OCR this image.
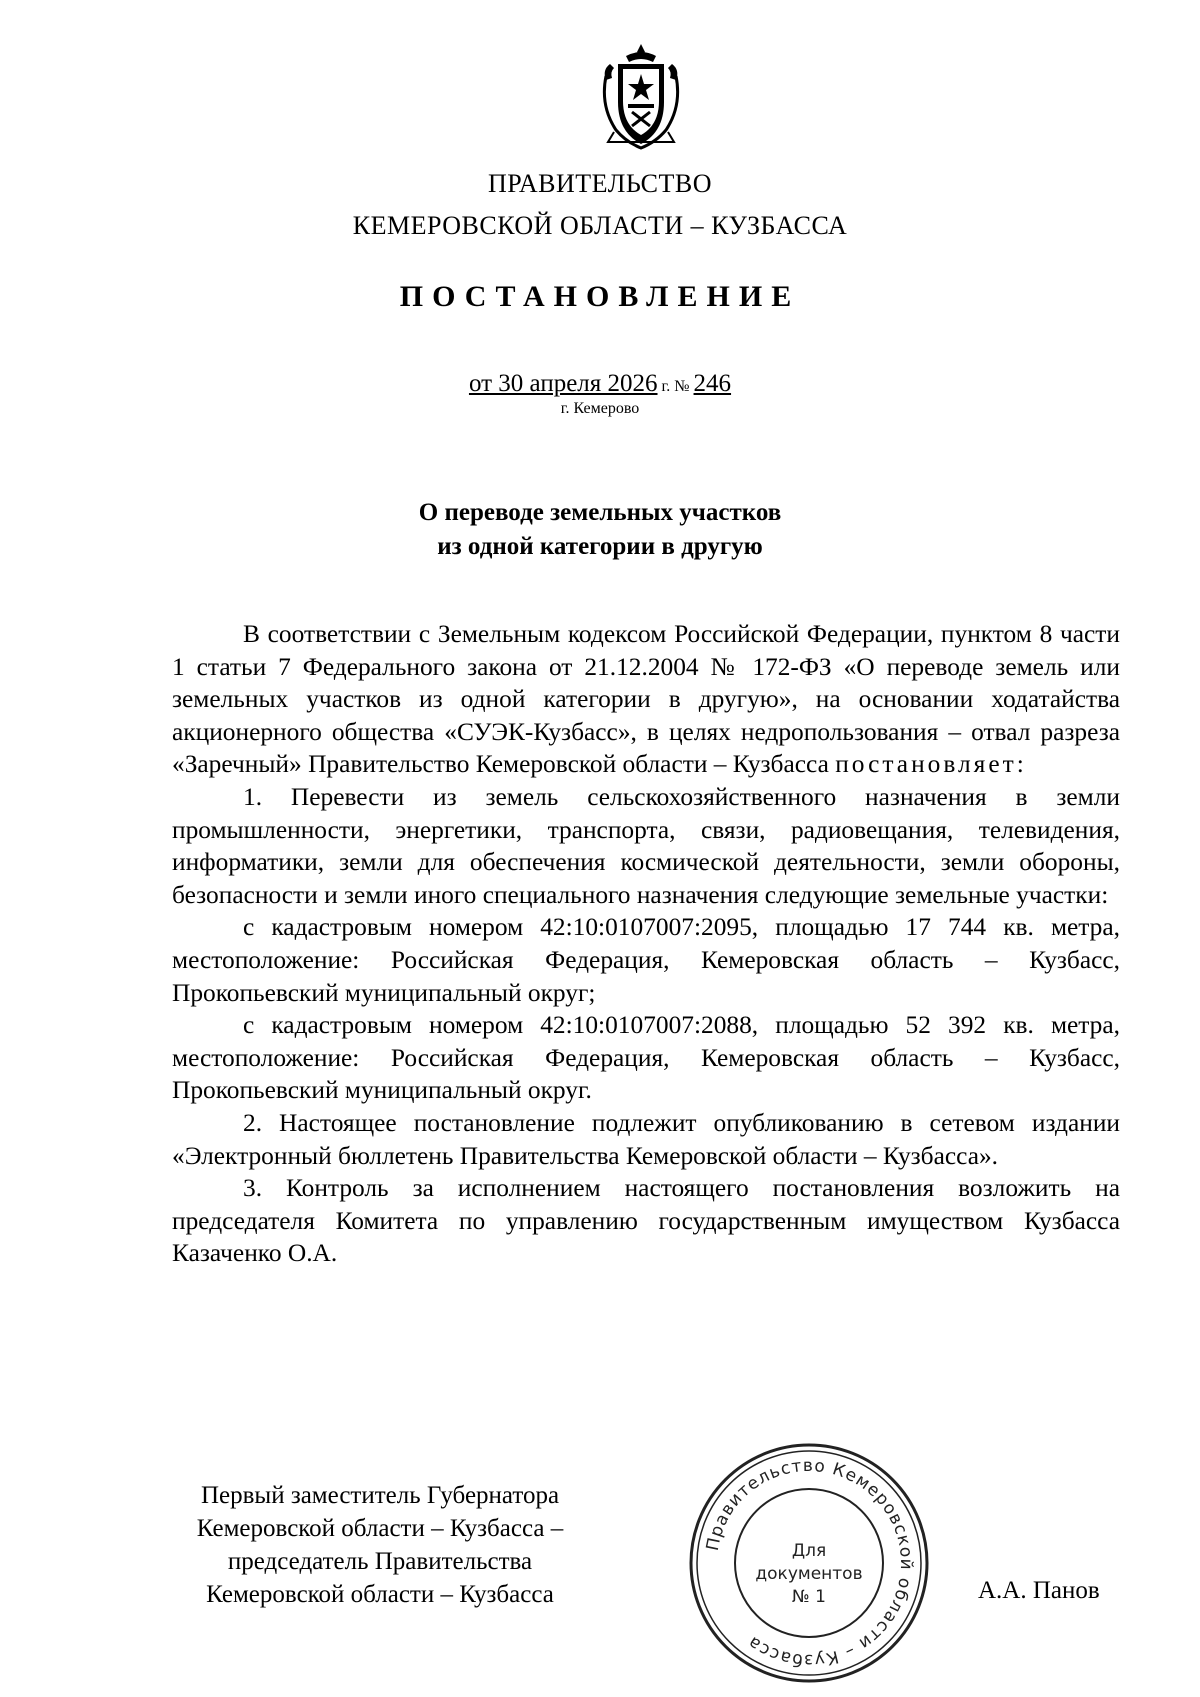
ПРАВИТЕЛЬСТВО
КЕМЕРОВСКОЙ ОБЛАСТИ – КУЗБАССА
ПОСТАНОВЛЕНИЕ
от 30 апреля 2026 г. № 246
г. Кемерово
О переводе земельных участков
из одной категории в другую

В соответствии с Земельным кодексом Российской Федерации, пунктом 8 части 1 статьи 7 Федерального закона от 21.12.2004 № 172-ФЗ «О переводе земель или земельных участков из одной категории в другую», на основании ходатайства акционерного общества «СУЭК-Кузбасс», в целях недропользования – отвал разреза «Заречный» Правительство Кемеровской области – Кузбасса постановляет:

1. Перевести из земель сельскохозяйственного назначения в земли промышленности, энергетики, транспорта, связи, радиовещания, телевидения, информатики, земли для обеспечения космической деятельности, земли обороны, безопасности и земли иного специального назначения следующие земельные участки:

с кадастровым номером 42:10:0107007:2095, площадью 17 744 кв. метра, местоположение: Российская Федерация, Кемеровская область – Кузбасс, Прокопьевский муниципальный округ;

с кадастровым номером 42:10:0107007:2088, площадью 52 392 кв. метра, местоположение: Российская Федерация, Кемеровская область – Кузбасс, Прокопьевский муниципальный округ.

2. Настоящее постановление подлежит опубликованию в сетевом издании «Электронный бюллетень Правительства Кемеровской области – Кузбасса».

3. Контроль за исполнением настоящего постановления возложить на председателя Комитета по управлению государственным имуществом Кузбасса Казаченко О.А.

Первый заместитель Губернатора
Кемеровской области – Кузбасса –
председатель Правительства
Кемеровской области – Кузбасса
Правительство Кемеровской области – Кузбасса
Для
документов
№ 1	А.А. Панов
